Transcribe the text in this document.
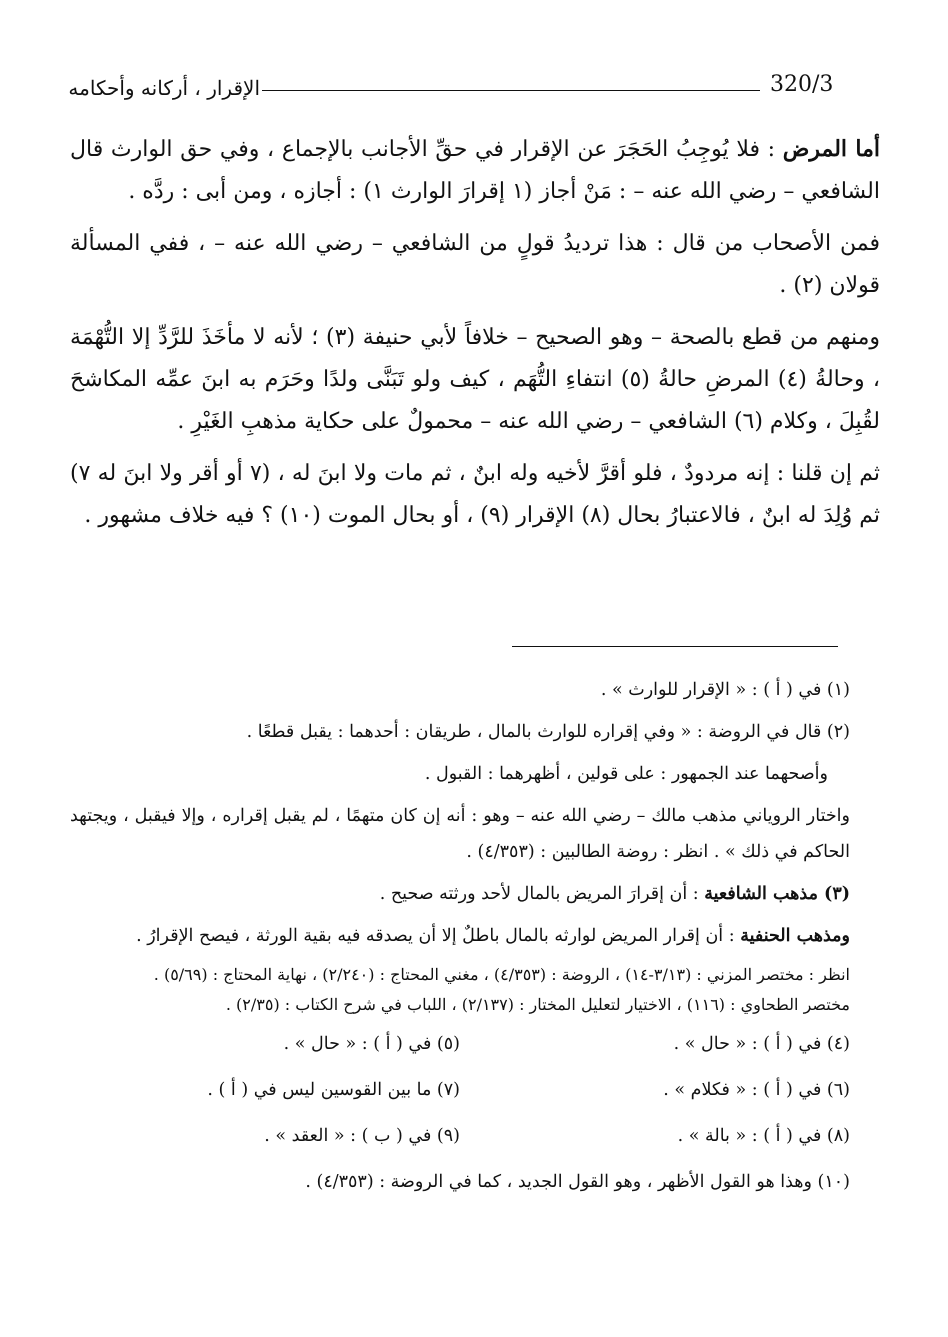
320/3
الإقرار ، أركانه وأحكامه

أما المرض : فلا يُوجِبُ الحَجَرَ عن الإقرار في حقِّ الأجانب بالإجماع ، وفي حق الوارث قال الشافعي – رضي الله عنه – : مَنْ أجاز (١ إقرارَ الوارث ١) : أجازه ، ومن أبى : ردَّه .

فمن الأصحاب من قال : هذا ترديدُ قولٍ من الشافعي – رضي الله عنه – ، ففي المسألة قولان (٢) .

ومنهم من قطع بالصحة – وهو الصحيح – خلافاً لأبي حنيفة (٣) ؛ لأنه لا مأخَذَ للرَّدِّ إلا التُّهْمَة ، وحالةُ (٤) المرضِ حالةُ (٥) انتفاءِ التُّهَم ، كيف ولو تَبَنَّى ولدًا وحَرَم به ابنَ عمِّه المكاشحَ لقُبِلَ ، وكلام (٦) الشافعي – رضي الله عنه – محمولٌ على حكاية مذهبِ الغَيْرِ .

ثم إن قلنا : إنه مردودٌ ، فلو أقرَّ لأخيه وله ابنٌ ، ثم مات ولا ابنَ له ، (٧ أو أقر ولا ابنَ له ٧) ثم وُلِدَ له ابنٌ ، فالاعتبارُ بحال (٨) الإقرار (٩) ، أو بحال الموت (١٠) ؟ فيه خلاف مشهور .

(١) في ( أ ) : « الإقرار للوارث » .

(٢) قال في الروضة : « وفي إقراره للوارث بالمال ، طريقان : أحدهما : يقبل قطعًا .

وأصحهما عند الجمهور : على قولين ، أظهرهما : القبول .

واختار الروياني مذهب مالك – رضي الله عنه – وهو : أنه إن كان متهمًا ، لم يقبل إقراره ، وإلا فيقبل ، ويجتهد الحاكم في ذلك » . انظر : روضة الطالبين : (٤/٣٥٣) .

(٣) مذهب الشافعية : أن إقرارَ المريض بالمال لأحد ورثته صحيح .

ومذهب الحنفية : أن إقرار المريض لوارثه بالمال باطلٌ إلا أن يصدقه فيه بقية الورثة ، فيصح الإقرارُ .

انظر : مختصر المزني : (٣/١٣-١٤) ، الروضة : (٤/٣٥٣) ، مغني المحتاج : (٢/٢٤٠) ، نهاية المحتاج : (٥/٦٩) .

مختصر الطحاوي : (١١٦) ، الاختيار لتعليل المختار : (٢/١٣٧) ، اللباب في شرح الكتاب : (٢/٣٥) .

(٤) في ( أ ) : « حال » .
(٥) في ( أ ) : « حال » .
(٦) في ( أ ) : « فكلام » .
(٧) ما بين القوسين ليس في ( أ ) .
(٨) في ( أ ) : « بالة » .
(٩) في ( ب ) : « العقد » .

(١٠) وهذا هو القول الأظهر ، وهو القول الجديد ، كما في الروضة : (٤/٣٥٣) .
